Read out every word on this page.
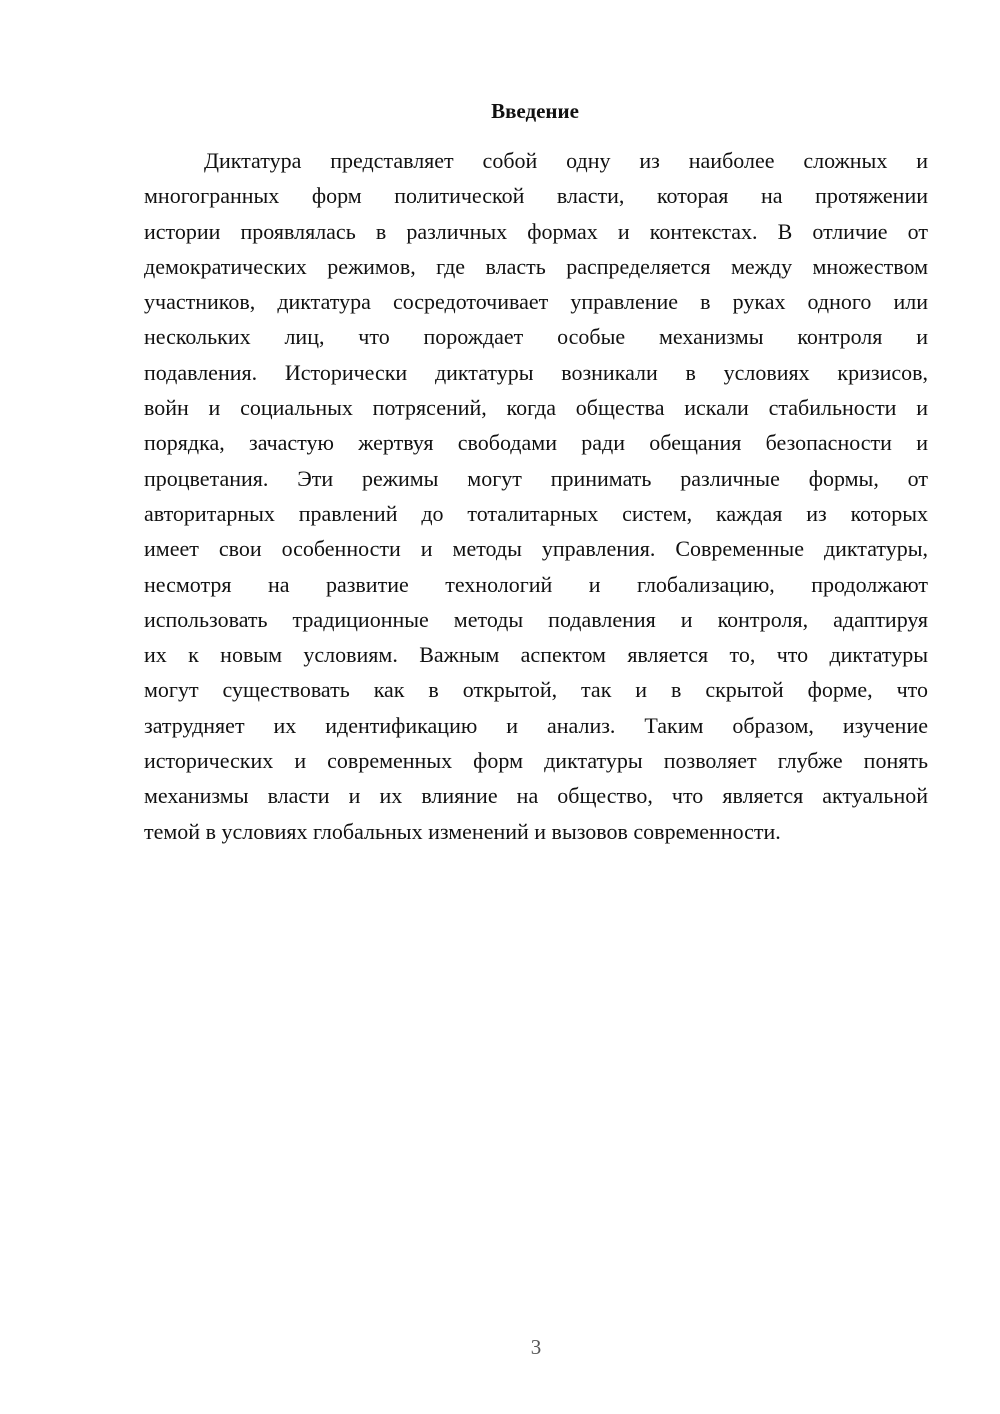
Введение
Диктатура представляет собой одну из наиболее сложных и
многогранных форм политической власти, которая на протяжении
истории проявлялась в различных формах и контекстах. В отличие от
демократических режимов, где власть распределяется между множеством
участников, диктатура сосредоточивает управление в руках одного или
нескольких лиц, что порождает особые механизмы контроля и
подавления. Исторически диктатуры возникали в условиях кризисов,
войн и социальных потрясений, когда общества искали стабильности и
порядка, зачастую жертвуя свободами ради обещания безопасности и
процветания. Эти режимы могут принимать различные формы, от
авторитарных правлений до тоталитарных систем, каждая из которых
имеет свои особенности и методы управления. Современные диктатуры,
несмотря на развитие технологий и глобализацию, продолжают
использовать традиционные методы подавления и контроля, адаптируя
их к новым условиям. Важным аспектом является то, что диктатуры
могут существовать как в открытой, так и в скрытой форме, что
затрудняет их идентификацию и анализ. Таким образом, изучение
исторических и современных форм диктатуры позволяет глубже понять
механизмы власти и их влияние на общество, что является актуальной
темой в условиях глобальных изменений и вызовов современности.
3
